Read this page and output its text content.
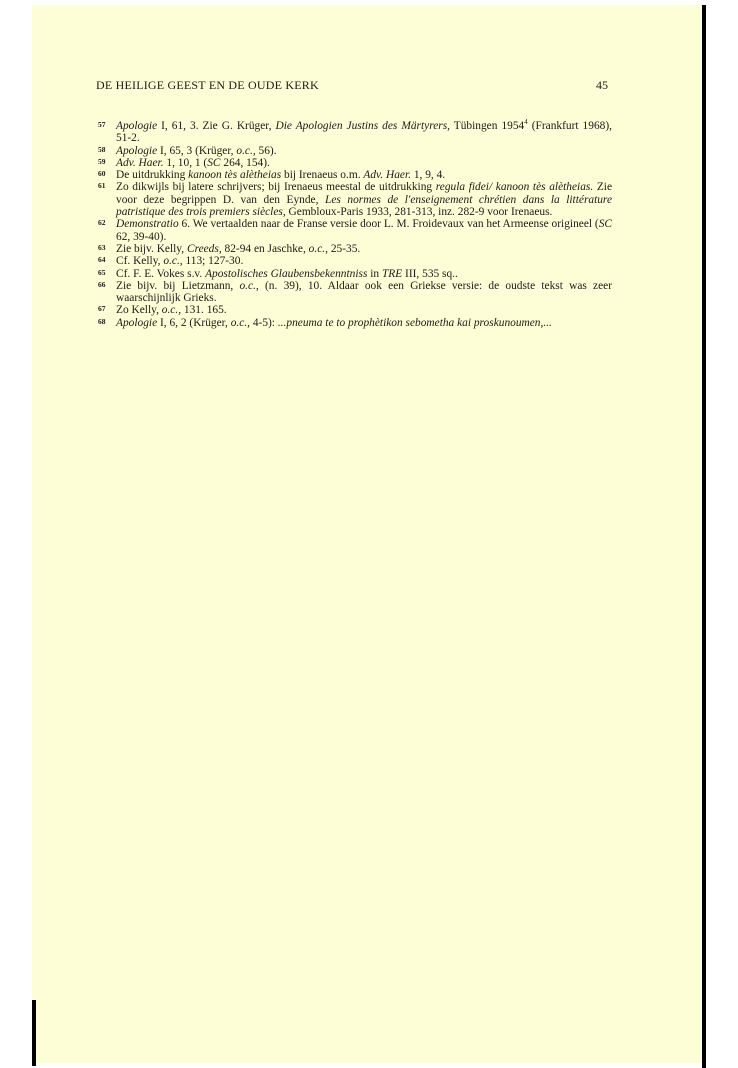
DE HEILIGE GEEST EN DE OUDE KERK	45

57 Apologie I, 61, 3. Zie G. Krüger, Die Apologien Justins des Märtyrers, Tübingen 1954$^4$ (Frankfurt 1968), 51-2.

58 Apologie I, 65, 3 (Krüger, o.c., 56).

59 Adv. Haer. 1, 10, 1 (SC 264, 154).

60 De uitdrukking kanoon tès alètheias bij Irenaeus o.m. Adv. Haer. 1, 9, 4.

61 Zo dikwijls bij latere schrijvers; bij Irenaeus meestal de uitdrukking regula fidei/ kanoon tès alètheias. Zie voor deze begrippen D. van den Eynde, Les normes de l'enseignement chrétien dans la littérature patristique des trois premiers siècles, Gembloux-Paris 1933, 281-313, inz. 282-9 voor Irenaeus.

62 Demonstratio 6. We vertaalden naar de Franse versie door L. M. Froidevaux van het Armeense origineel (SC 62, 39-40).

63 Zie bijv. Kelly, Creeds, 82-94 en Jaschke, o.c., 25-35.

64 Cf. Kelly, o.c., 113; 127-30.

65 Cf. F. E. Vokes s.v. Apostolisches Glaubensbekenntniss in TRE III, 535 sq..

66 Zie bijv. bij Lietzmann, o.c., (n. 39), 10. Aldaar ook een Griekse versie: de oudste tekst was zeer waarschijnlijk Grieks.

67 Zo Kelly, o.c., 131. 165.

68 Apologie I, 6, 2 (Krüger, o.c., 4-5): ...pneuma te to prophètikon sebometha kai proskunoumen,...
